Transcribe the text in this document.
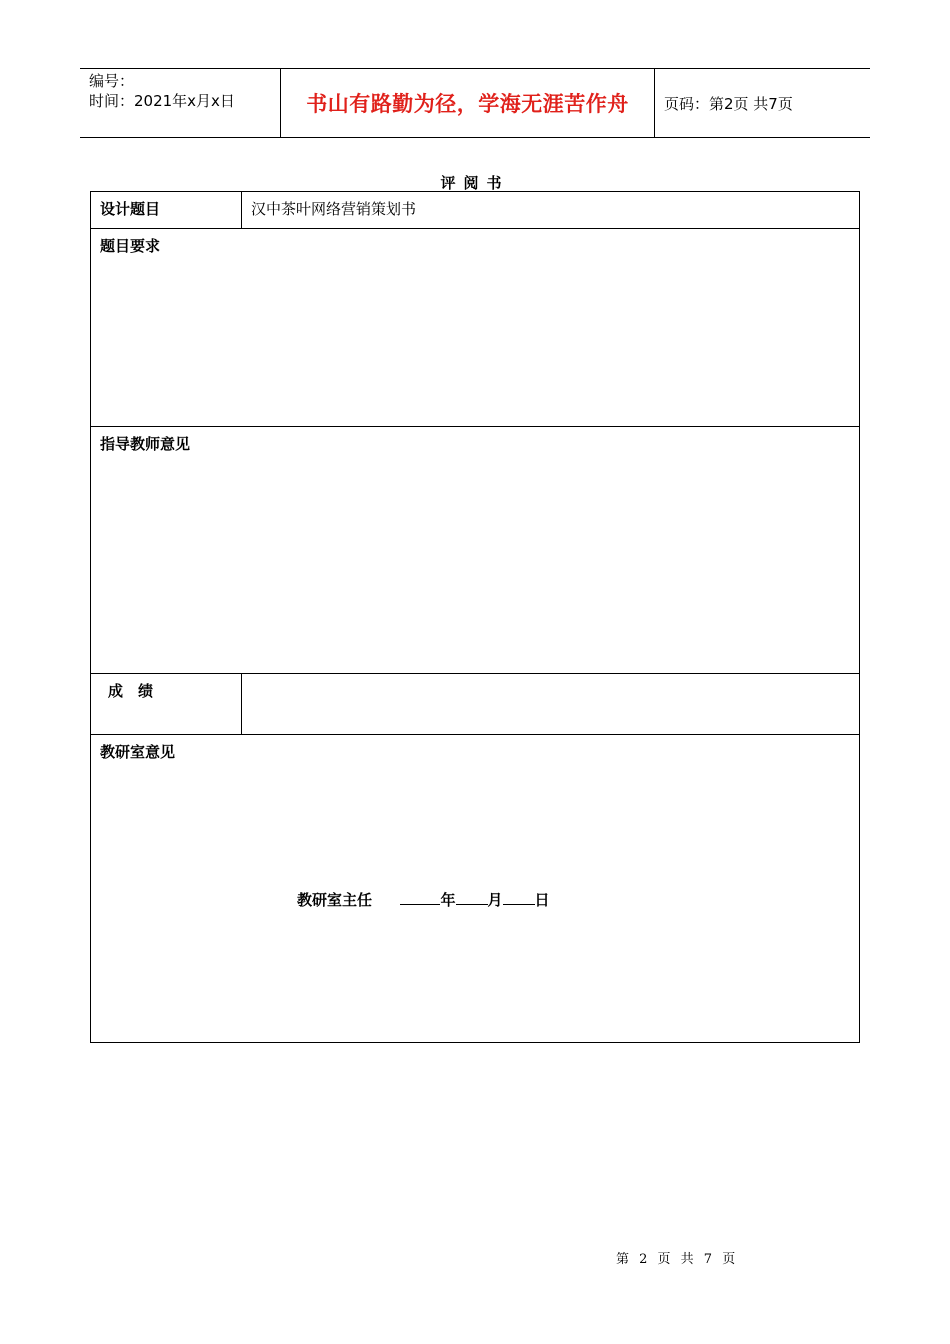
编号：
时间：2021年x月x日	书山有路勤为径，学海无涯苦作舟	页码：第2页 共7页
评阅书
设计题目	汉中茶叶网络营销策划书
题目要求
指导教师意见
成　绩
教研室意见
教研室主任	年 月 日
第 2 页 共 7 页
